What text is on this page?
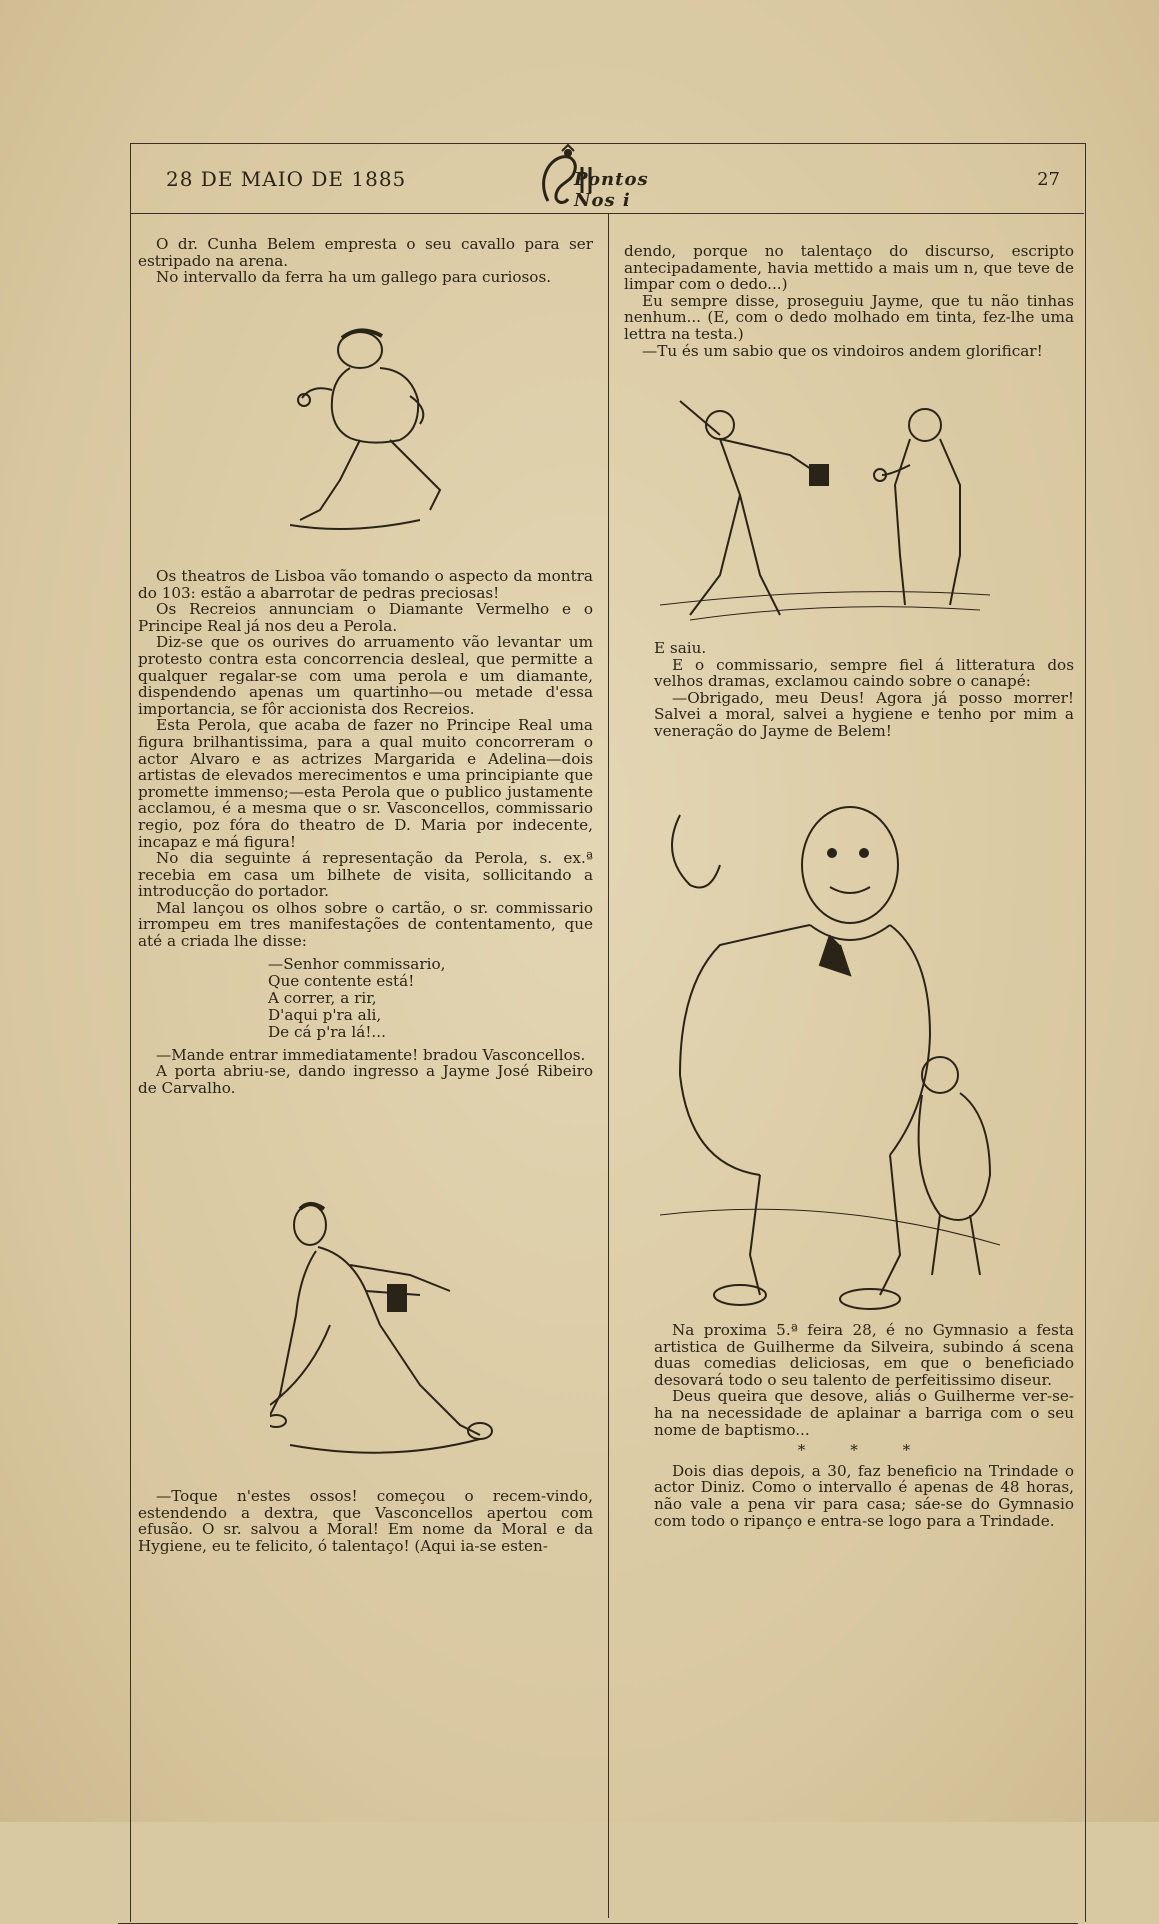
28 DE MAIO DE 1885	Pontos Nos i
27

O dr. Cunha Belem empresta o seu cavallo para ser estripado na arena.

No intervallo da ferra ha um gallego para curiosos.

Os theatros de Lisboa vão tomando o aspecto da montra do 103: estão a abarrotar de pedras preciosas!

Os Recreios annunciam o Diamante Vermelho e o Principe Real já nos deu a Perola.

Diz-se que os ourives do arruamento vão levantar um protesto contra esta concorrencia desleal, que permitte a qualquer regalar-se com uma perola e um diamante, dispendendo apenas um quartinho—ou metade d'essa importancia, se fôr accionista dos Recreios.

Esta Perola, que acaba de fazer no Principe Real uma figura brilhantissima, para a qual muito concorreram o actor Alvaro e as actrizes Margarida e Adelina—dois artistas de elevados merecimentos e uma principiante que promette immenso;—esta Perola que o publico justamente acclamou, é a mesma que o sr. Vasconcellos, commissario regio, poz fóra do theatro de D. Maria por indecente, incapaz e má figura!

No dia seguinte á representação da Perola, s. ex.ª recebia em casa um bilhete de visita, sollicitando a introducção do portador.

Mal lançou os olhos sobre o cartão, o sr. commissario irrompeu em tres manifestações de contentamento, que até a criada lhe disse:

—Senhor commissario,
Que contente está!
A correr, a rir,
D'aqui p'ra ali,
De cá p'ra lá!...

—Mande entrar immediatamente! bradou Vasconcellos.

A porta abriu-se, dando ingresso a Jayme José Ribeiro de Carvalho.

—Toque n'estes ossos! começou o recem-vindo, estendendo a dextra, que Vasconcellos apertou com efusão. O sr. salvou a Moral! Em nome da Moral e da Hygiene, eu te felicito, ó talentaço! (Aqui ia-se esten-

dendo, porque no talentaço do discurso, escripto antecipadamente, havia mettido a mais um n, que teve de limpar com o dedo...)

Eu sempre disse, proseguiu Jayme, que tu não tinhas nenhum... (E, com o dedo molhado em tinta, fez-lhe uma lettra na testa.)

—Tu és um sabio que os vindoiros andem glorificar!

E saiu.

E o commissario, sempre fiel á litteratura dos velhos dramas, exclamou caindo sobre o canapé:

—Obrigado, meu Deus! Agora já posso morrer! Salvei a moral, salvei a hygiene e tenho por mim a veneração do Jayme de Belem!

Na proxima 5.ª feira 28, é no Gymnasio a festa artistica de Guilherme da Silveira, subindo á scena duas comedias deliciosas, em que o beneficiado desovará todo o seu talento de perfeitissimo diseur.

Deus queira que desove, aliás o Guilherme ver-se-ha na necessidade de aplainar a barriga com o seu nome de baptismo...

* * *

Dois dias depois, a 30, faz beneficio na Trindade o actor Diniz. Como o intervallo é apenas de 48 horas, não vale a pena vir para casa; sáe-se do Gymnasio com todo o ripanço e entra-se logo para a Trindade.
